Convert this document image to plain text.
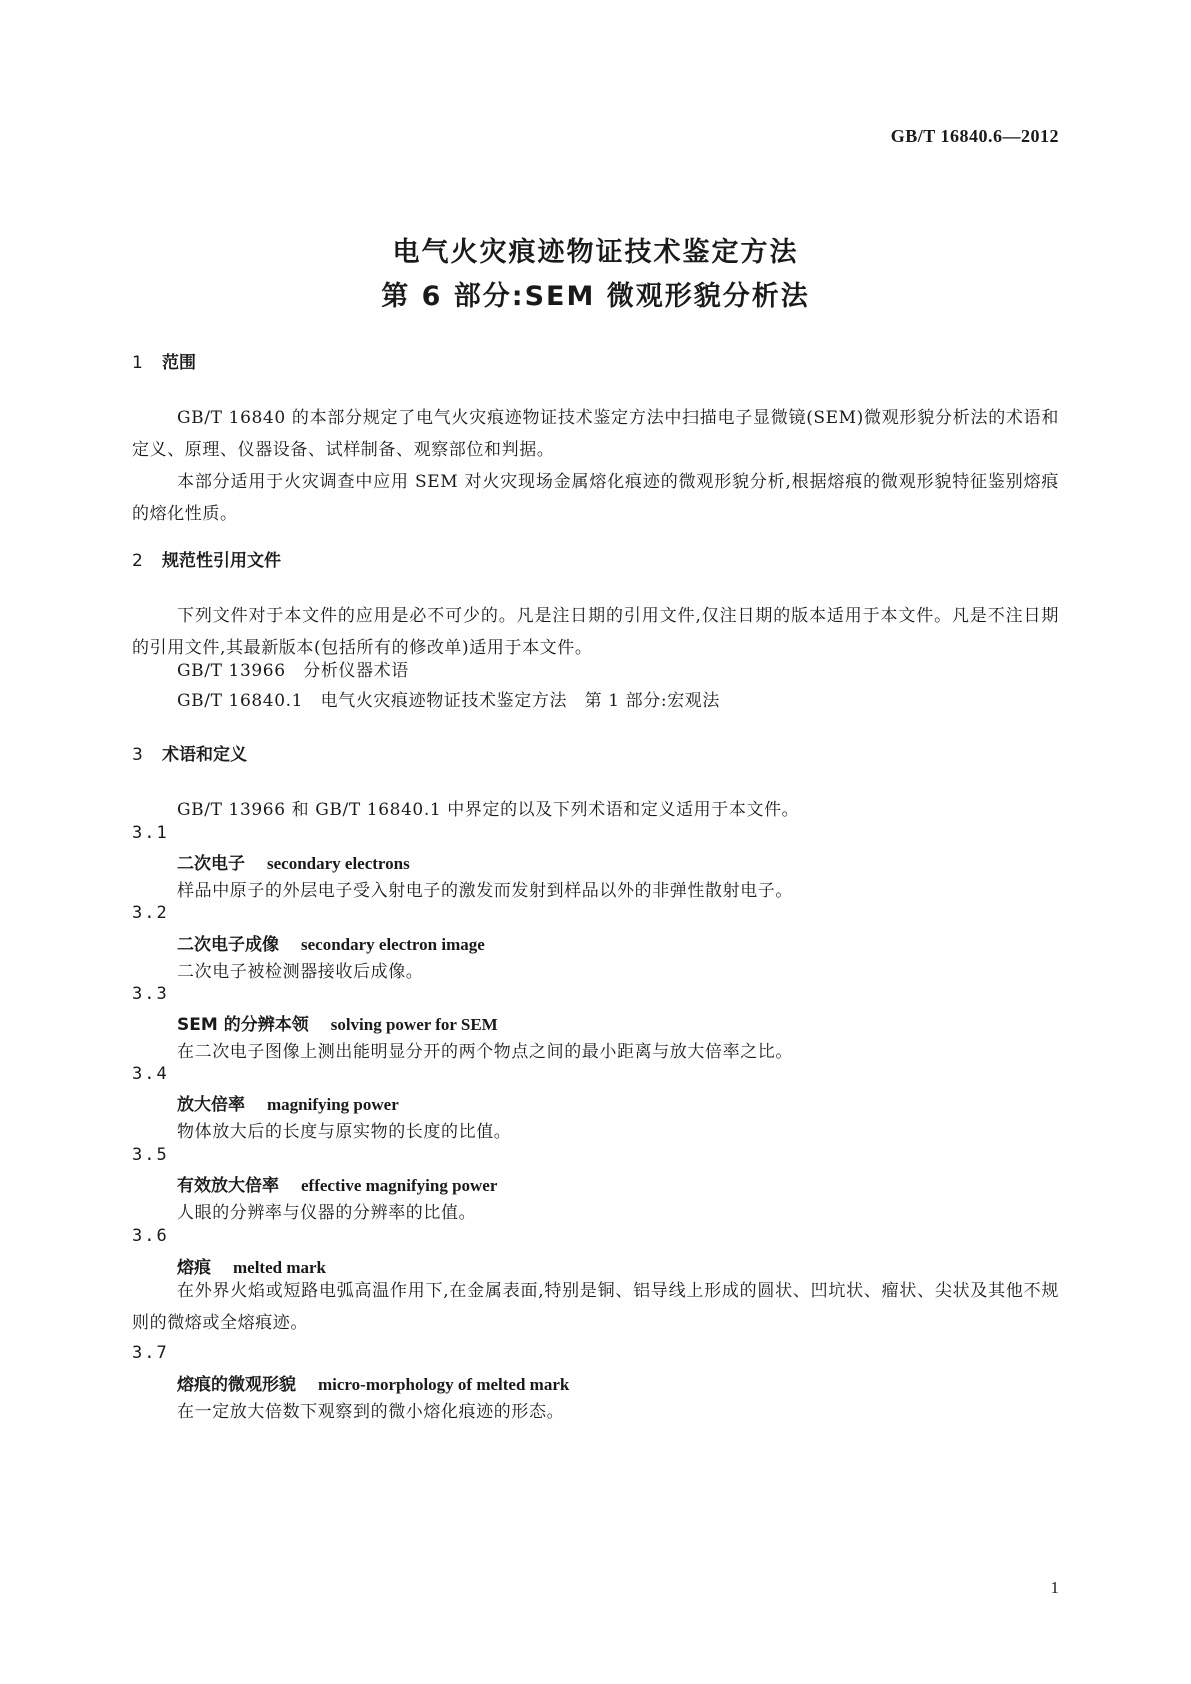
GB/T 16840.6—2012
电气火灾痕迹物证技术鉴定方法
第 6 部分:SEM 微观形貌分析法
1 范围
GB/T 16840 的本部分规定了电气火灾痕迹物证技术鉴定方法中扫描电子显微镜(SEM)微观形貌分析法的术语和定义、原理、仪器设备、试样制备、观察部位和判据。
本部分适用于火灾调查中应用 SEM 对火灾现场金属熔化痕迹的微观形貌分析,根据熔痕的微观形貌特征鉴别熔痕的熔化性质。
2 规范性引用文件
下列文件对于本文件的应用是必不可少的。凡是注日期的引用文件,仅注日期的版本适用于本文件。凡是不注日期的引用文件,其最新版本(包括所有的修改单)适用于本文件。
GB/T 13966　分析仪器术语
GB/T 16840.1　电气火灾痕迹物证技术鉴定方法　第 1 部分:宏观法
3 术语和定义
GB/T 13966 和 GB/T 16840.1 中界定的以及下列术语和定义适用于本文件。
3.1
二次电子 secondary electrons
样品中原子的外层电子受入射电子的激发而发射到样品以外的非弹性散射电子。
3.2
二次电子成像 secondary electron image
二次电子被检测器接收后成像。
3.3
SEM 的分辨本领 solving power for SEM
在二次电子图像上测出能明显分开的两个物点之间的最小距离与放大倍率之比。
3.4
放大倍率 magnifying power
物体放大后的长度与原实物的长度的比值。
3.5
有效放大倍率 effective magnifying power
人眼的分辨率与仪器的分辨率的比值。
3.6
熔痕 melted mark
在外界火焰或短路电弧高温作用下,在金属表面,特别是铜、铝导线上形成的圆状、凹坑状、瘤状、尖状及其他不规则的微熔或全熔痕迹。
3.7
熔痕的微观形貌 micro-morphology of melted mark
在一定放大倍数下观察到的微小熔化痕迹的形态。
1
